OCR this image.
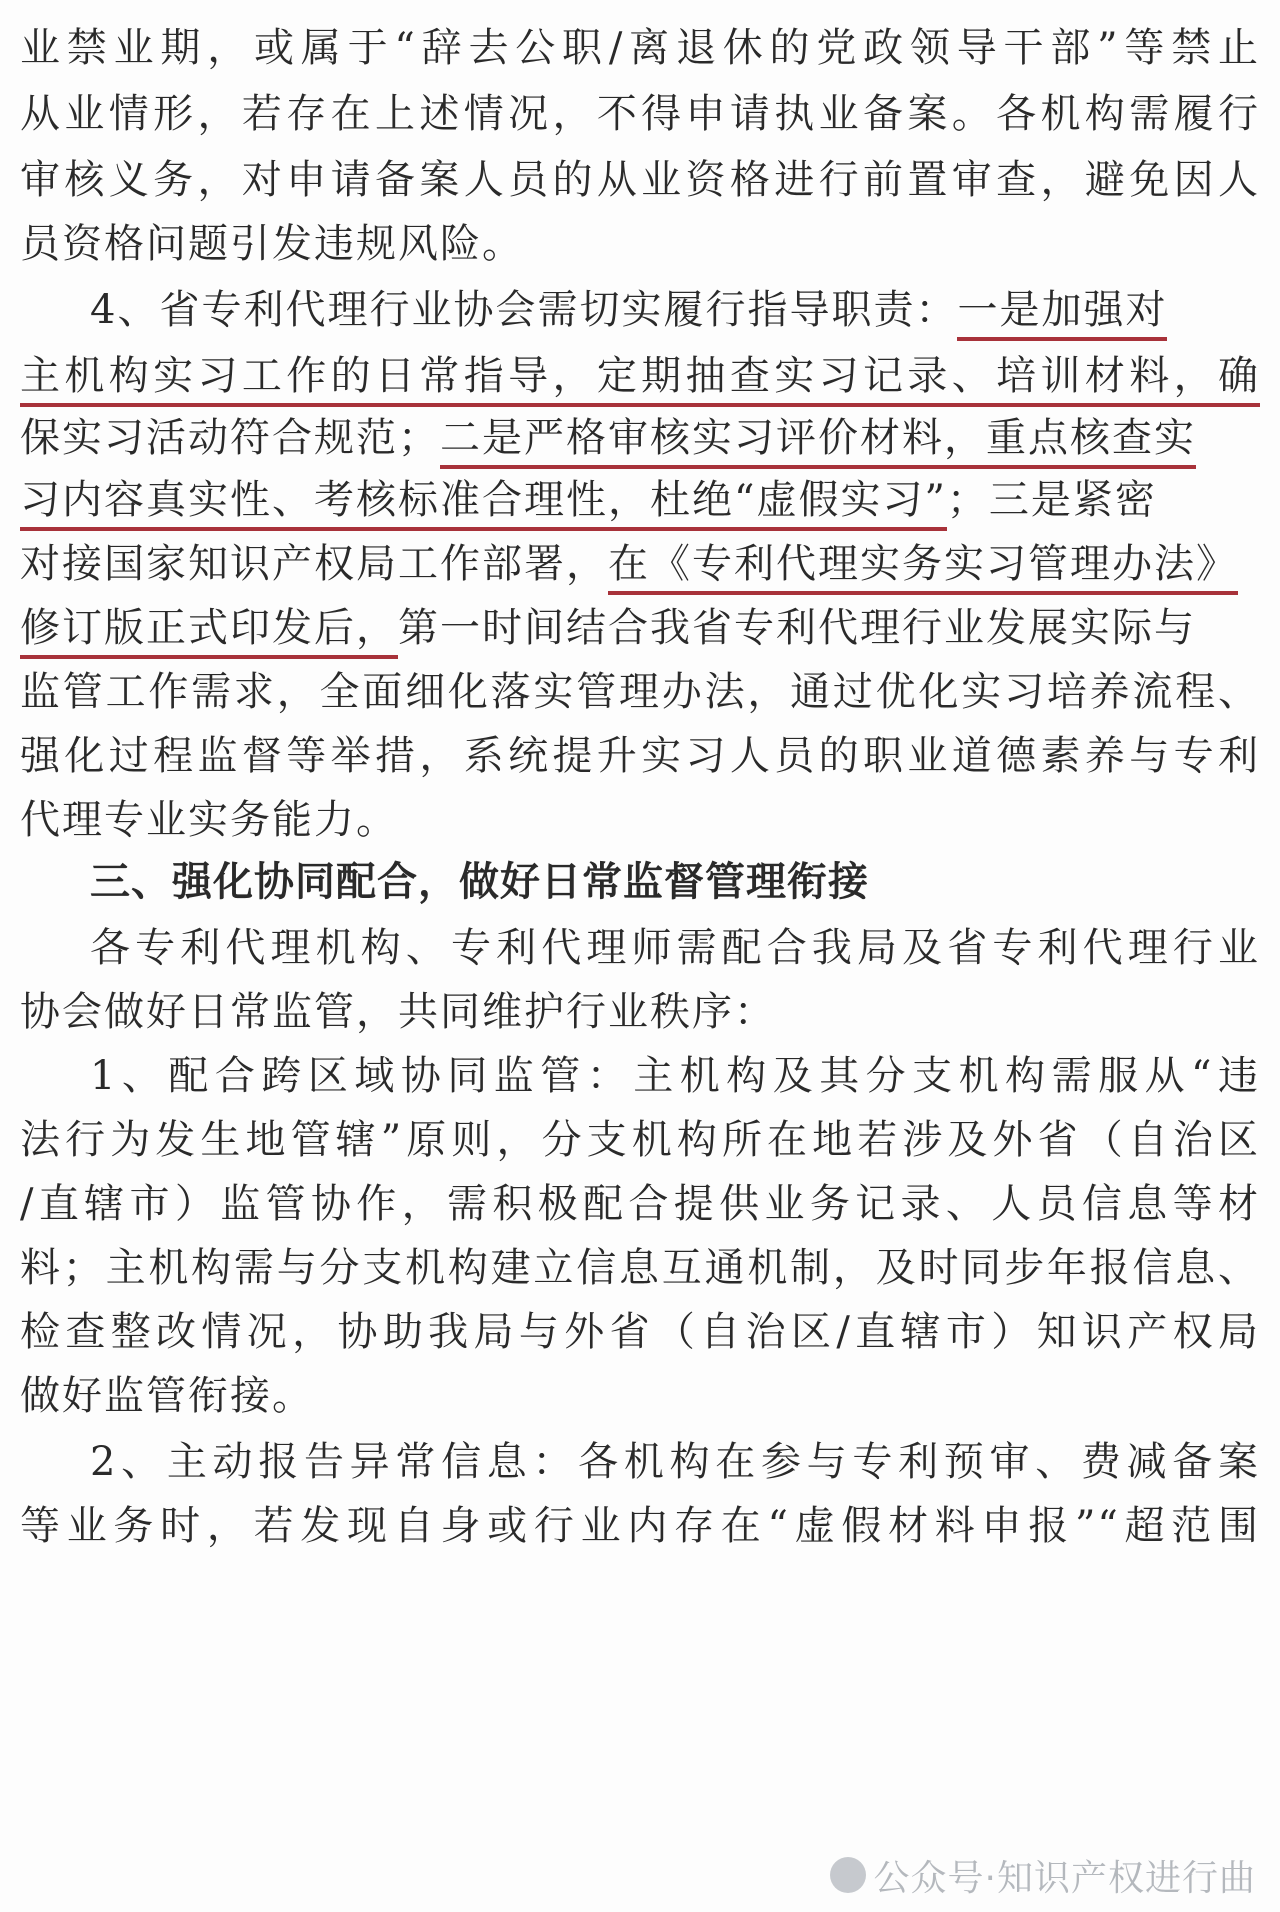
业禁业期，或属于“辞去公职/离退休的党政领导干部”等禁止
从业情形，若存在上述情况，不得申请执业备案。各机构需履行
审核义务，对申请备案人员的从业资格进行前置审查，避免因人
员资格问题引发违规风险。
4、省专利代理行业协会需切实履行指导职责：一是加强对
主机构实习工作的日常指导，定期抽查实习记录、培训材料，确
保实习活动符合规范；二是严格审核实习评价材料，重点核查实
习内容真实性、考核标准合理性，杜绝“虚假实习”；三是紧密
对接国家知识产权局工作部署，在《专利代理实务实习管理办法》
修订版正式印发后，第一时间结合我省专利代理行业发展实际与
监管工作需求，全面细化落实管理办法，通过优化实习培养流程、
强化过程监督等举措，系统提升实习人员的职业道德素养与专利
代理专业实务能力。
三、强化协同配合，做好日常监督管理衔接
各专利代理机构、专利代理师需配合我局及省专利代理行业
协会做好日常监管，共同维护行业秩序：
1、配合跨区域协同监管：主机构及其分支机构需服从“违
法行为发生地管辖”原则，分支机构所在地若涉及外省（自治区
/直辖市）监管协作，需积极配合提供业务记录、人员信息等材
料；主机构需与分支机构建立信息互通机制，及时同步年报信息、
检查整改情况，协助我局与外省（自治区/直辖市）知识产权局
做好监管衔接。
2、主动报告异常信息：各机构在参与专利预审、费减备案
等业务时，若发现自身或行业内存在“虚假材料申报”“超范围
公众号·知识产权进行曲
